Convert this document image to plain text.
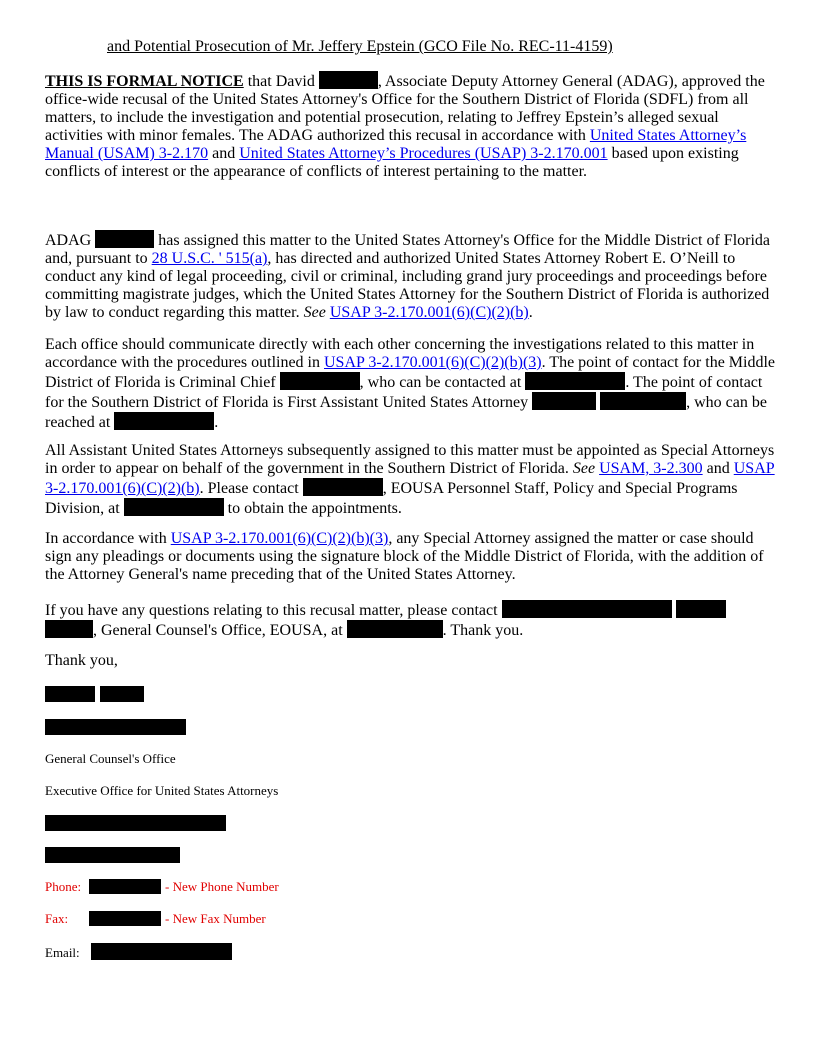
and Potential Prosecution of Mr. Jeffery Epstein (GCO File No. REC-11-4159)

THIS IS FORMAL NOTICE that David	, Associate Deputy Attorney General (ADAG), approved the office-wide recusal of the United States Attorney's Office for the Southern District of Florida (SDFL) from all matters, to include the investigation and potential prosecution, relating to Jeffrey Epstein’s alleged sexual activities with minor females. The ADAG authorized this recusal in accordance with United States Attorney’s Manual (USAM) 3-2.170 and United States Attorney’s Procedures (USAP) 3-2.170.001 based upon existing conflicts of interest or the appearance of conflicts of interest pertaining to the matter.

ADAG	has assigned this matter to the United States Attorney's Office for the Middle District of Florida and, pursuant to 28 U.S.C. ' 515(a), has directed and authorized United States Attorney Robert E. O’Neill to conduct any kind of legal proceeding, civil or criminal, including grand jury proceedings and proceedings before committing magistrate judges, which the United States Attorney for the Southern District of Florida is authorized by law to conduct regarding this matter. See USAP 3-2.170.001(6)(C)(2)(b).

Each office should communicate directly with each other concerning the investigations related to this matter in accordance with the procedures outlined in USAP 3-2.170.001(6)(C)(2)(b)(3). The point of contact for the Middle District of Florida is Criminal Chief	, who can be contacted at	. The point of contact for the Southern District of Florida is First Assistant United States Attorney	, who can be reached at	.

All Assistant United States Attorneys subsequently assigned to this matter must be appointed as Special Attorneys in order to appear on behalf of the government in the Southern District of Florida. See USAM, 3-2.300 and USAP 3-2.170.001(6)(C)(2)(b). Please contact	, EOUSA Personnel Staff, Policy and Special Programs Division, at	to obtain the appointments.

In accordance with USAP 3-2.170.001(6)(C)(2)(b)(3), any Special Attorney assigned the matter or case should sign any pleadings or documents using the signature block of the Middle District of Florida, with the addition of the Attorney General's name preceding that of the United States Attorney.

If you have any questions relating to this recusal matter, please contact   , General Counsel's Office, EOUSA, at	. Thank you.

Thank you,

General Counsel's Office
Executive Office for United States Attorneys
Phone:	- New Phone Number
Fax:	- New Fax Number
Email:
